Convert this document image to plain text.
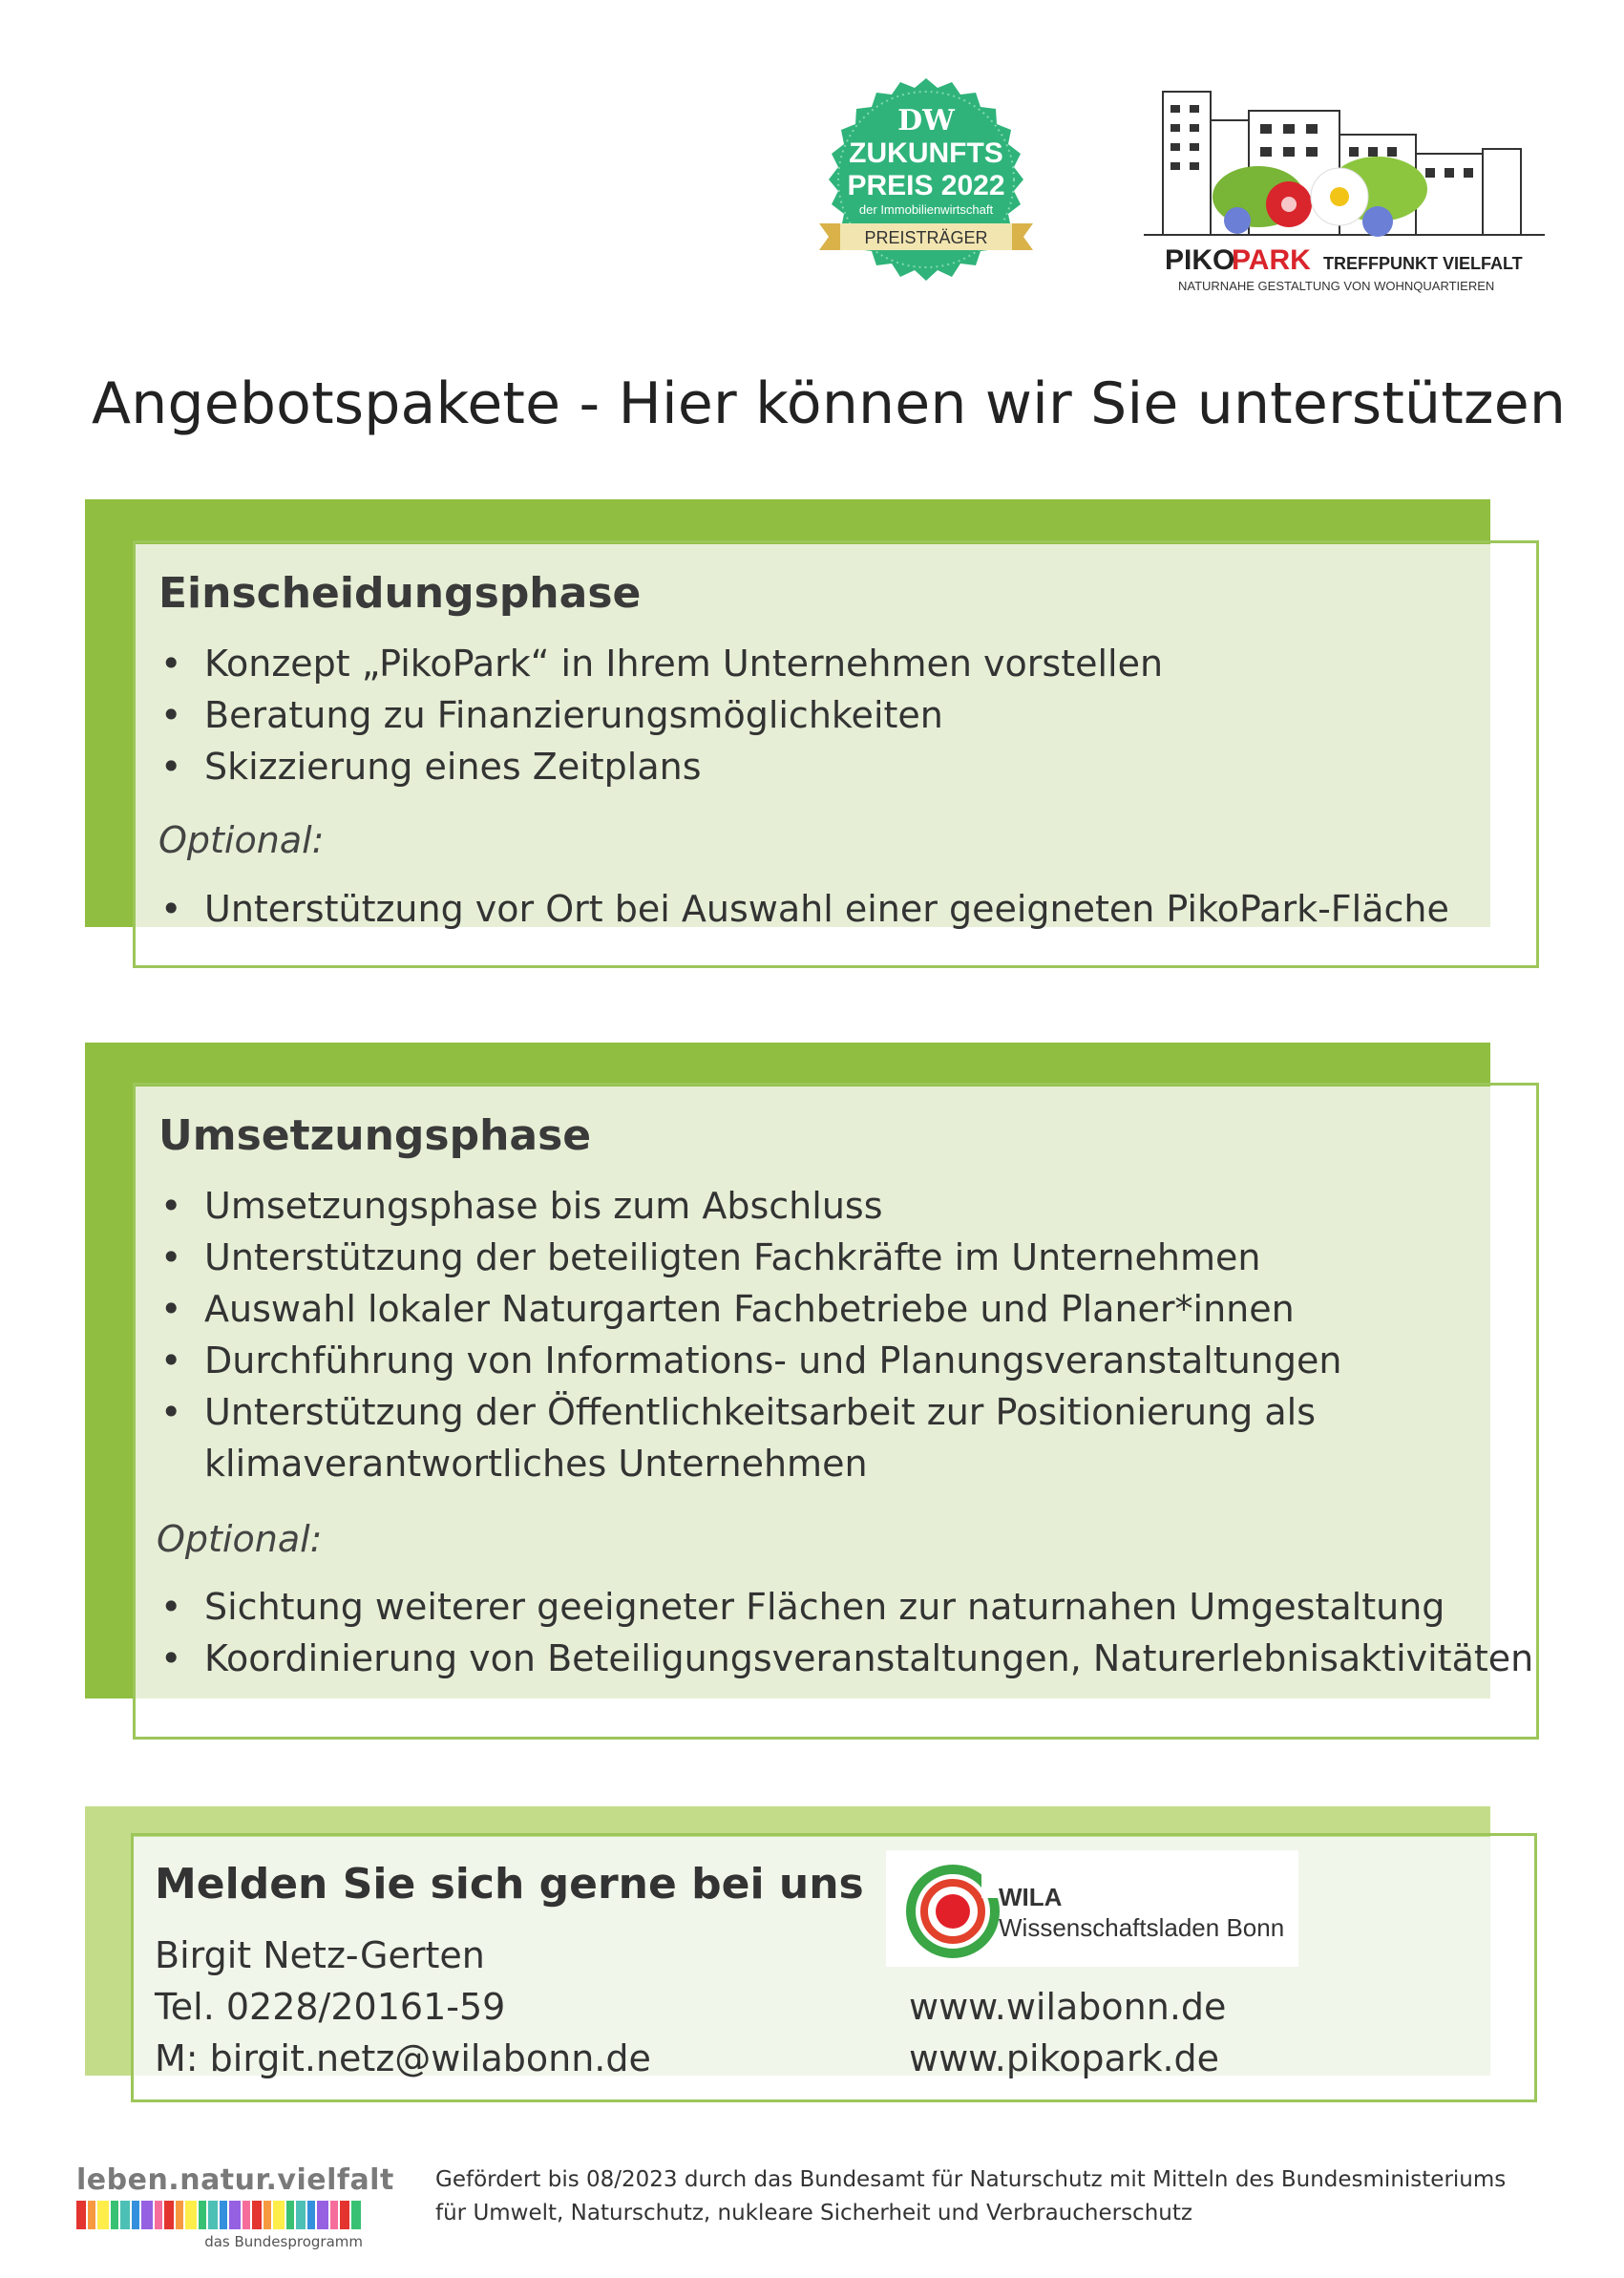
DW
ZUKUNFTS
PREIS 2022
der Immobilienwirtschaft
PREISTRÄGER
PIKO
PARK TREFFPUNKT VIELFALT
NATURNAHE GESTALTUNG VON WOHNQUARTIEREN
Angebotspakete - Hier können wir Sie unterstützen
Einscheidungsphase
• Konzept „PikoPark“ in Ihrem Unternehmen vorstellen
• Beratung zu Finanzierungsmöglichkeiten
• Skizzierung eines Zeitplans
Optional:
• Unterstützung vor Ort bei Auswahl einer geeigneten PikoPark-Fläche
Umsetzungsphase
• Umsetzungsphase bis zum Abschluss
• Unterstützung der beteiligten Fachkräfte im Unternehmen
• Auswahl lokaler Naturgarten Fachbetriebe und Planer*innen
• Durchführung von Informations- und Planungsveranstaltungen
• Unterstützung der Öffentlichkeitsarbeit zur Positionierung als
klimaverantwortliches Unternehmen
Optional:
• Sichtung weiterer geeigneter Flächen zur naturnahen Umgestaltung
• Koordinierung von Beteiligungsveranstaltungen, Naturerlebnisaktivitäten
Melden Sie sich gerne bei uns
Birgit Netz-Gerten
Tel. 0228/20161-59
M: birgit.netz@wilabonn.de
www.wilabonn.de
www.pikopark.de
WILA
Wissenschaftsladen Bonn
leben.natur.vielfalt
das Bundesprogramm
Gefördert bis 08/2023 durch das Bundesamt für Naturschutz mit Mitteln des Bundesministeriums
für Umwelt, Naturschutz, nukleare Sicherheit und Verbraucherschutz
